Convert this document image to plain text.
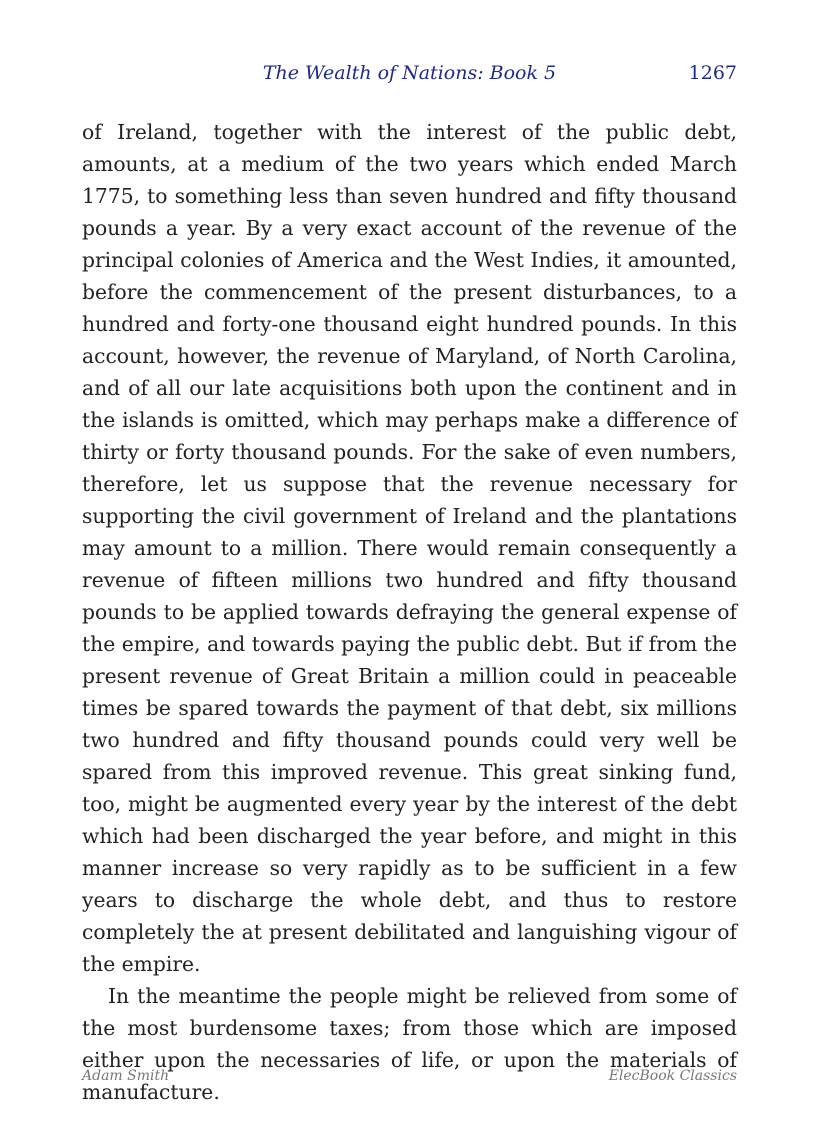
The Wealth of Nations: Book 5	1267

of Ireland, together with the interest of the public debt, amounts, at a medium of the two years which ended March 1775, to something less than seven hundred and fifty thousand pounds a year. By a very exact account of the revenue of the principal colonies of America and the West Indies, it amounted, before the commencement of the present disturbances, to a hundred and forty-one thousand eight hundred pounds. In this account, however, the revenue of Maryland, of North Carolina, and of all our late acquisitions both upon the continent and in the islands is omitted, which may perhaps make a difference of thirty or forty thousand pounds. For the sake of even numbers, therefore, let us suppose that the revenue necessary for supporting the civil government of Ireland and the plantations may amount to a million. There would remain consequently a revenue of fifteen millions two hundred and fifty thousand pounds to be applied towards defraying the general expense of the empire, and towards paying the public debt. But if from the present revenue of Great Britain a million could in peaceable times be spared towards the payment of that debt, six millions two hundred and fifty thousand pounds could very well be spared from this improved revenue. This great sinking fund, too, might be augmented every year by the interest of the debt which had been discharged the year before, and might in this manner increase so very rapidly as to be sufficient in a few years to discharge the whole debt, and thus to restore completely the at present debilitated and languishing vigour of the empire.

In the meantime the people might be relieved from some of the most burdensome taxes; from those which are imposed either upon the necessaries of life, or upon the materials of manufacture.

Adam Smith	ElecBook Classics
